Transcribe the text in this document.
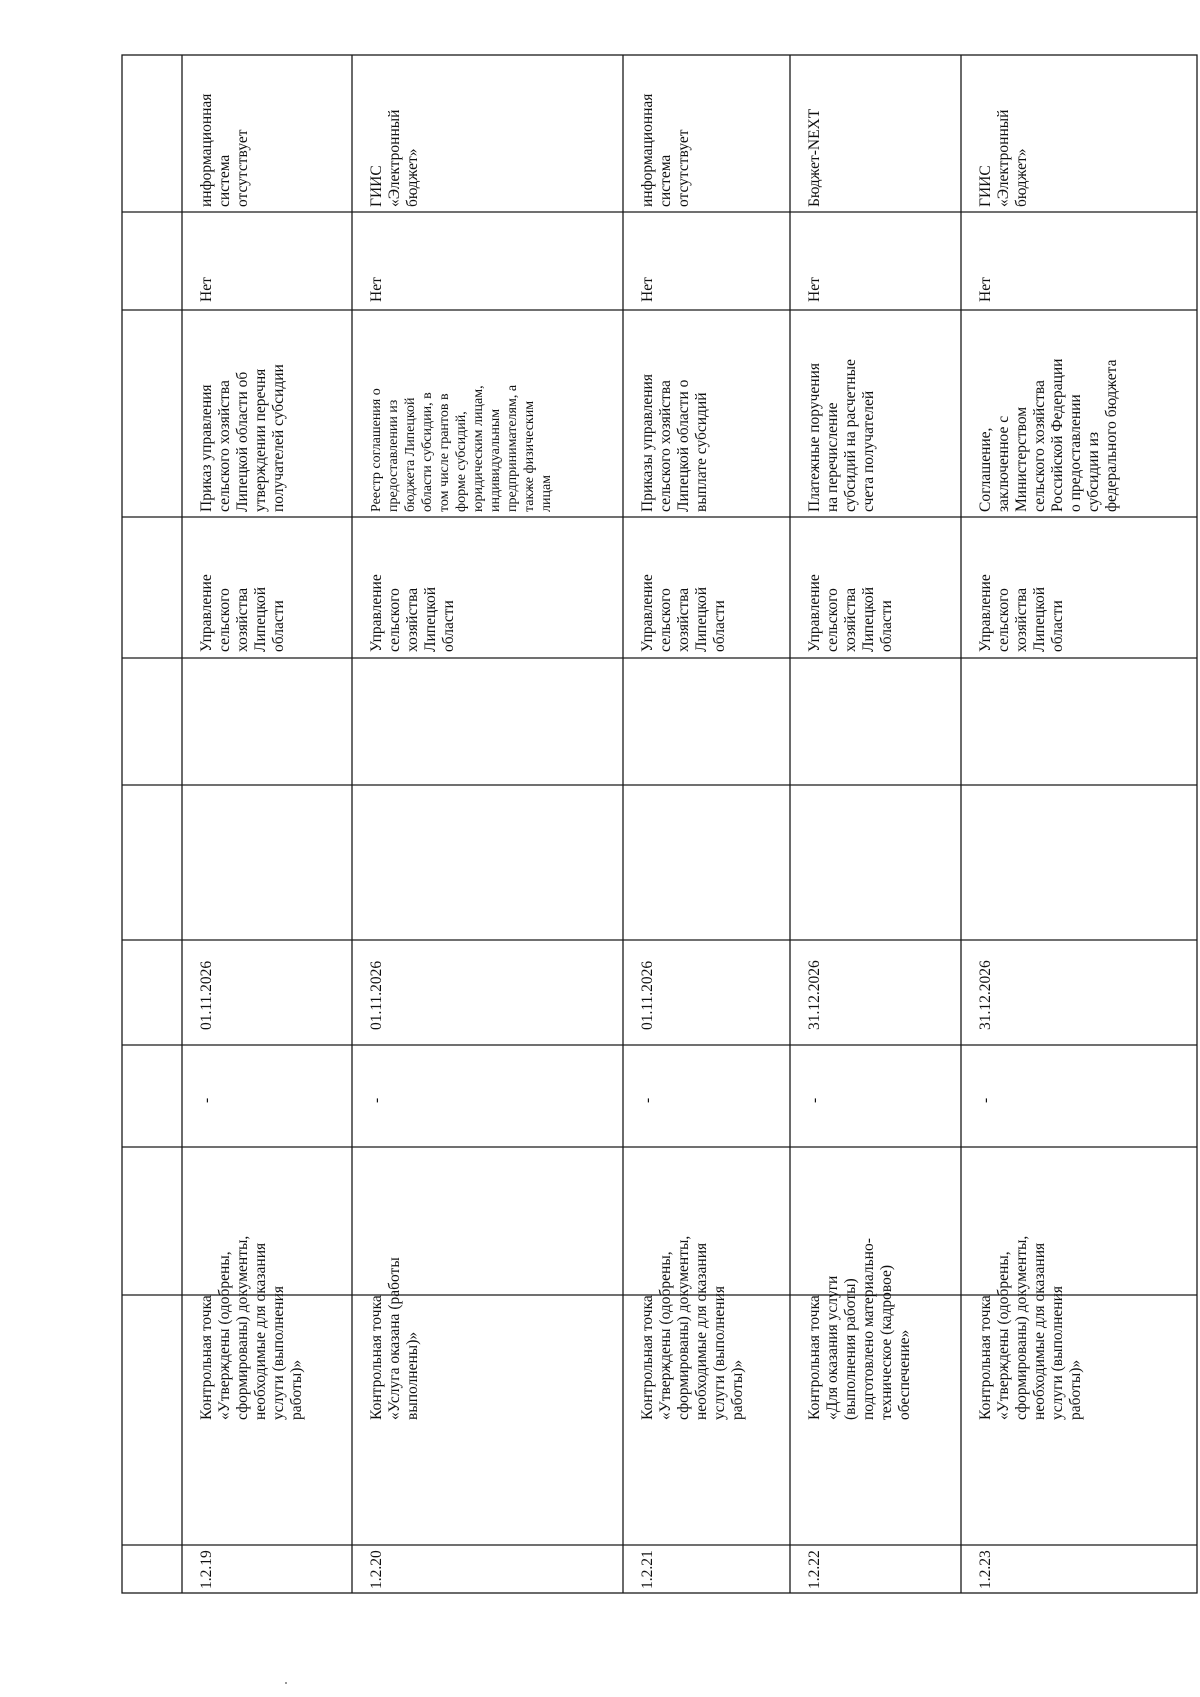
1.2.19
Контрольная точка «Утверждены (одобрены, сформированы) документы, необходимые для оказания услуги (выполнения работы)»
-
01.11.2026
Управление сельского хозяйства Липецкой области
Приказ управления сельского хозяйства Липецкой области об утверждении перечня получателей субсидии
Нет
информационная система отсутствует
1.2.20
Контрольная точка «Услуга оказана (работы выполнены)»
-
01.11.2026
Управление сельского хозяйства Липецкой области
Реестр соглашения о предоставлении из бюджета Липецкой области субсидии, в том числе грантов в форме субсидий, юридическим лицам, индивидуальным предпринимателям, а также физическим лицам
Нет
ГИИС «Электронный бюджет»
1.2.21
Контрольная точка «Утверждены (одобрены, сформированы) документы, необходимые для оказания услуги (выполнения работы)»
-
01.11.2026
Управление сельского хозяйства Липецкой области
Приказы управления сельского хозяйства Липецкой области о выплате субсидий
Нет
информационная система отсутствует
1.2.22
Контрольная точка «Для оказания услуги (выполнения работы) подготовлено материально- техническое (кадровое) обеспечение»
-
31.12.2026
Управление сельского хозяйства Липецкой области
Платежные поручения на перечисление субсидий на расчетные счета получателей
Нет
Бюджет-NEXT
1.2.23
Контрольная точка «Утверждены (одобрены, сформированы) документы, необходимые для оказания услуги (выполнения работы)»
-
31.12.2026
Управление сельского хозяйства Липецкой области
Соглашение, заключенное с Министерством сельского хозяйства Российской Федерации о предоставлении субсидии из федерального бюджета
Нет
ГИИС «Электронный бюджет»
